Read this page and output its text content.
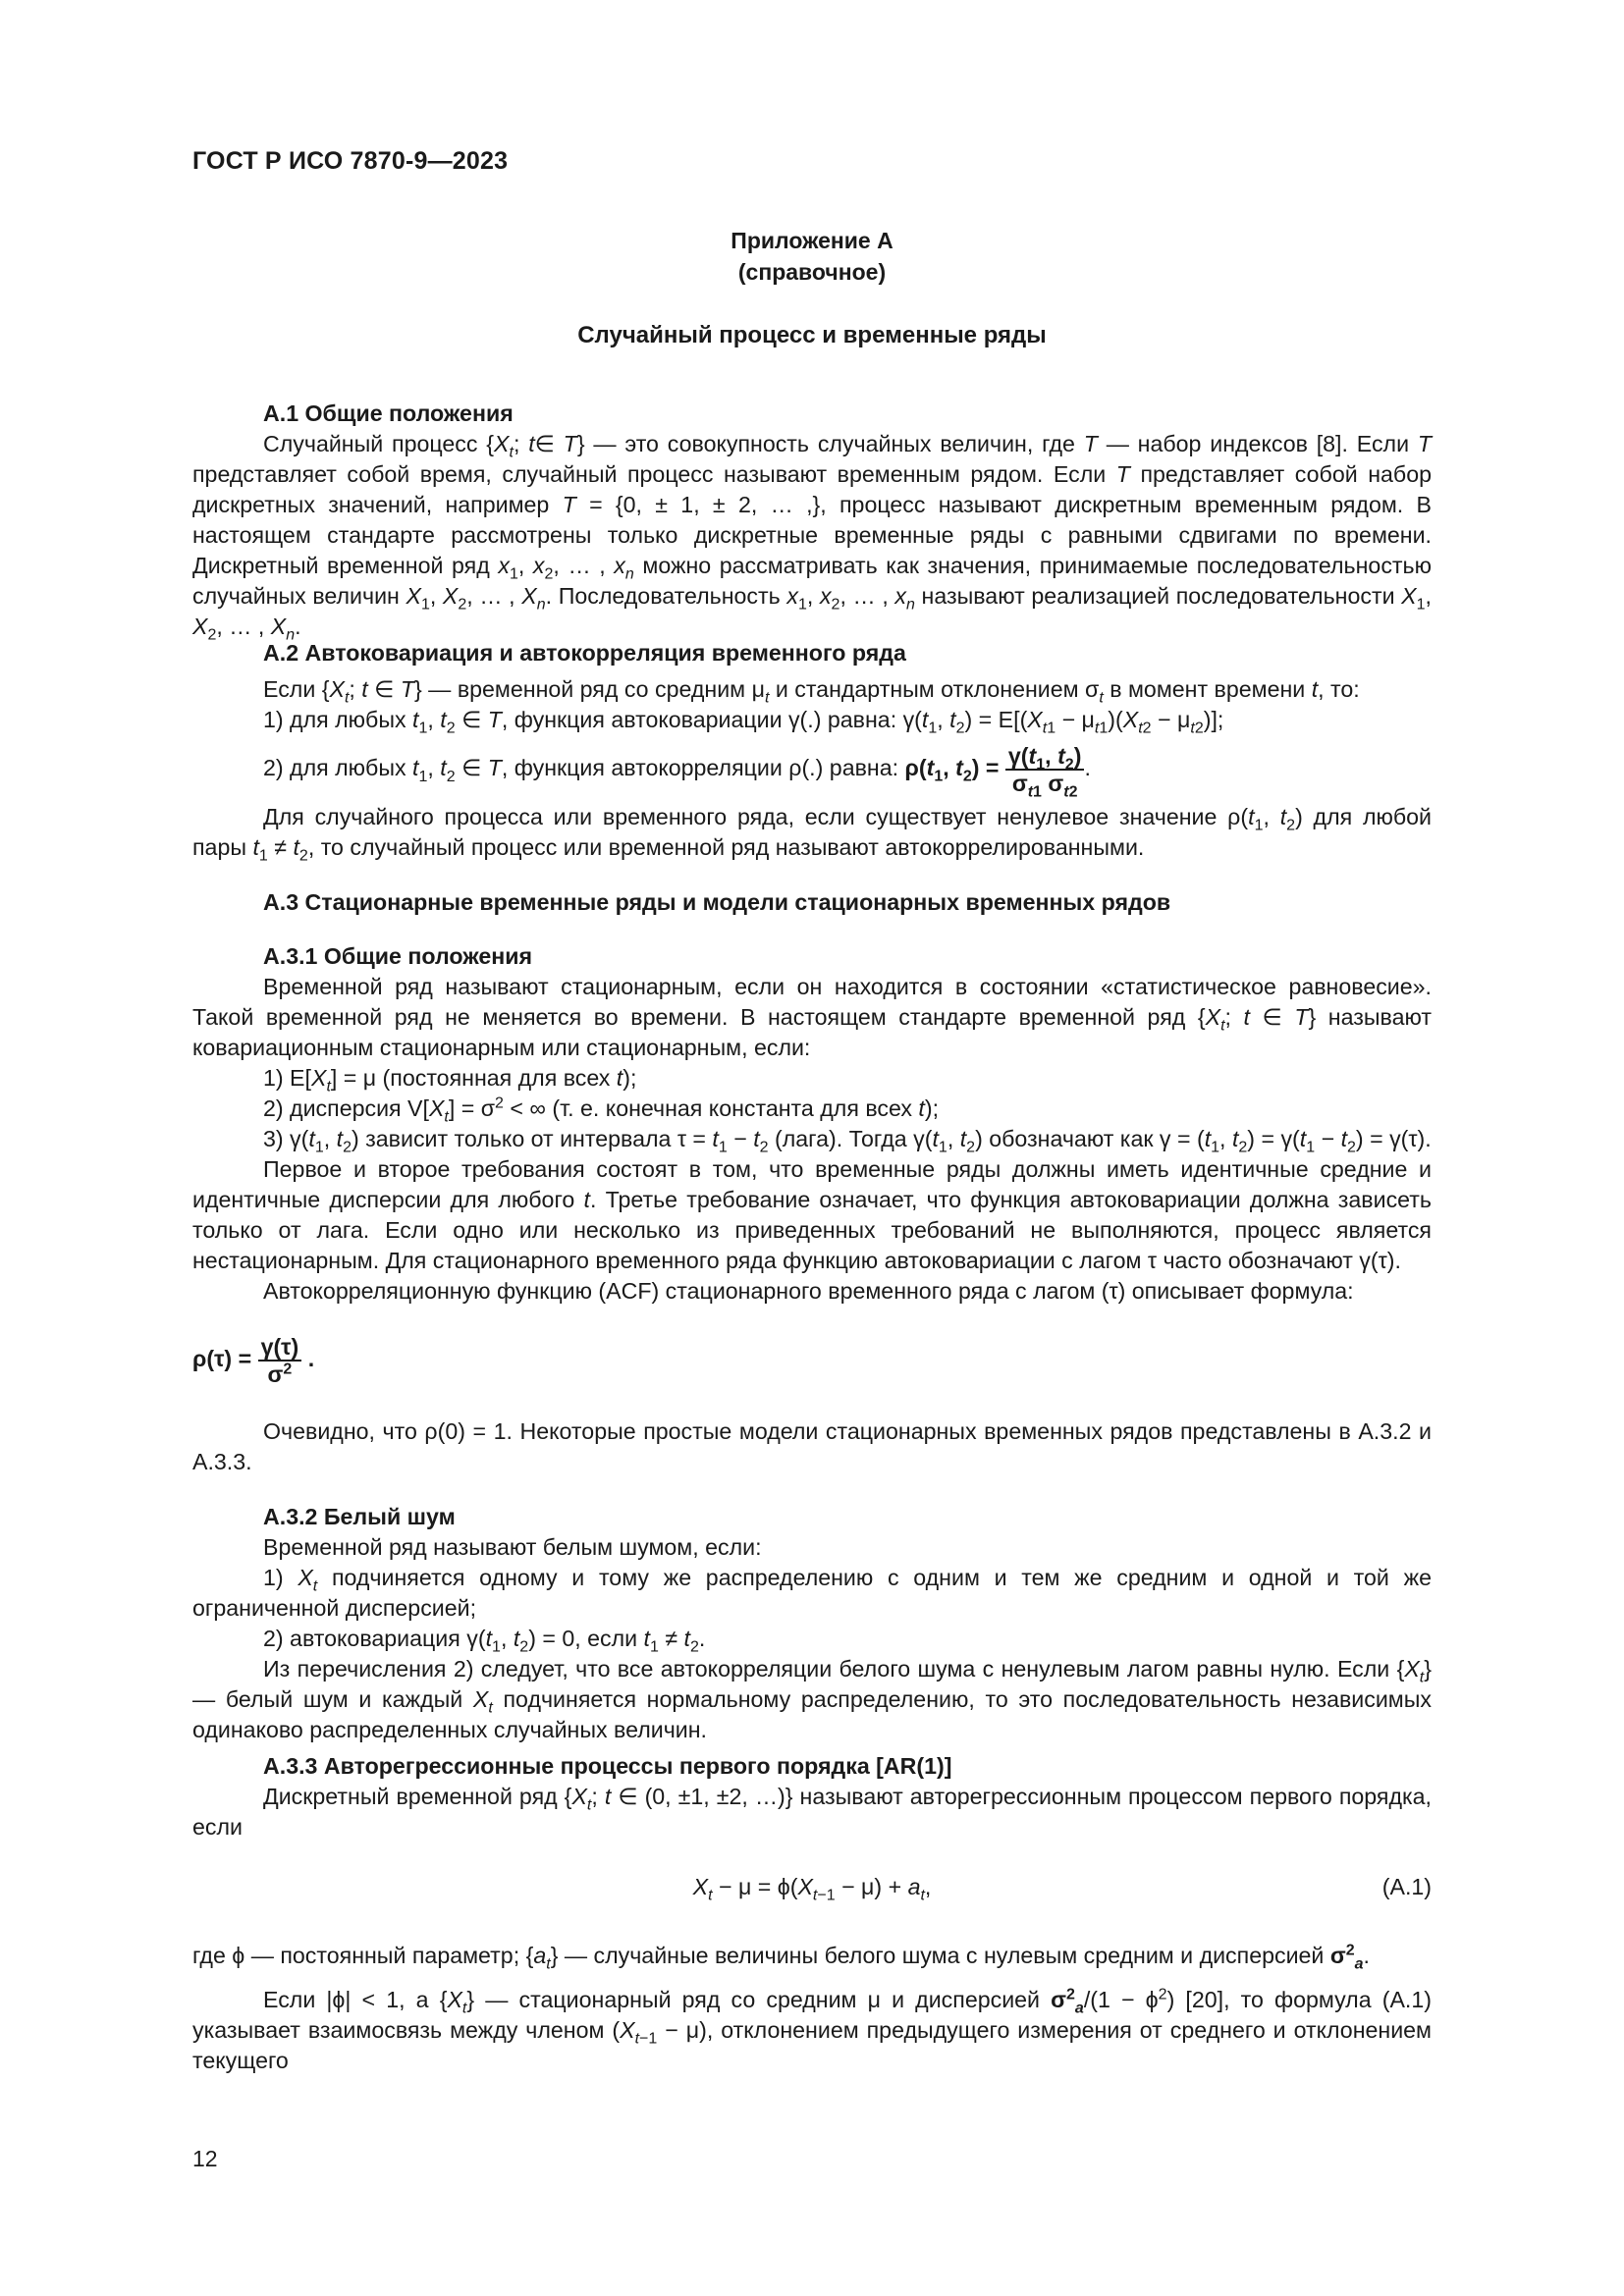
ГОСТ Р ИСО 7870-9—2023
Приложение А
(справочное)
Случайный процесс и временные ряды

А.1 Общие положения

Случайный процесс {$X_t$; t∈ T} — это совокупность случайных величин, где T — набор индексов [8]. Если T представляет собой время, случайный процесс называют временным рядом. Если T представляет собой набор дискретных значений, например T = {0, ± 1, ± 2, … ,}, процесс называют дискретным временным рядом. В настоящем стандарте рассмотрены только дискретные временные ряды с равными сдвигами по времени. Дискретный временной ряд $x_1$, $x_2$, … , $x_n$ можно рассматривать как значения, принимаемые последовательностью случайных величин $X_1$, $X_2$, … , $X_n$. Последовательность $x_1$, $x_2$, … , $x_n$ называют реализацией последовательности $X_1$, $X_2$, … , $X_n$.

А.2 Автоковариация и автокорреляция временного ряда

Если {$X_t$; t ∈ T} — временной ряд со средним $\mu_t$ и стандартным отклонением $\sigma_t$ в момент времени t, то:

1) для любых $t_1$, $t_2$ ∈ T, функция автоковариации γ(.) равна: $\gamma(t_1$, $t_2) = E[(X_{t1} - \mu_{t1})(X_{t2} - \mu_{t2})]$;

2) для любых $t_1$, $t_2$ ∈ T, функция автокорреляции ρ(.) равна: $\rho(t_1$, $t_2) = \frac{\gamma(t_1, t_2)}{\sigma_{t1} \sigma_{t2}}$ .

Для случайного процесса или временного ряда, если существует ненулевое значение $\rho(t_1$, $t_2$) для любой пары $t_1 \ne t_2$, то случайный процесс или временной ряд называют автокоррелированными.

А.3 Стационарные временные ряды и модели стационарных временных рядов

А.3.1 Общие положения

Временной ряд называют стационарным, если он находится в состоянии «статистическое равновесие». Такой временной ряд не меняется во времени. В настоящем стандарте временной ряд {$X_t$; t ∈ T} называют ковариационным стационарным или стационарным, если:

1) $E[X_t] = \mu$ (постоянная для всех t);

2) дисперсия $V[X_t] = \sigma^2$ < ∞ (т. е. конечная константа для всех t);

3) $\gamma(t_1$, $t_2$) зависит только от интервала $\tau = t_1 - t_2$ (лага). Тогда $\gamma(t_1$, $t_2$) обозначают как $\gamma = (t_1$, $t_2) = \gamma(t_1 - t_2) = \gamma(\tau)$.

Первое и второе требования состоят в том, что временные ряды должны иметь идентичные средние и идентичные дисперсии для любого t. Третье требование означает, что функция автоковариации должна зависеть только от лага. Если одно или несколько из приведенных требований не выполняются, процесс является нестационарным. Для стационарного временного ряда функцию автоковариации с лагом τ часто обозначают γ(τ).

Автокорреляционную функцию (ACF) стационарного временного ряда с лагом (τ) описывает формула:

$\rho(\tau) = \frac{\gamma(\tau)}{\sigma^2}$ .

Очевидно, что ρ(0) = 1. Некоторые простые модели стационарных временных рядов представлены в А.3.2 и А.3.3.

А.3.2 Белый шум

Временной ряд называют белым шумом, если:

1) $X_t$ подчиняется одному и тому же распределению с одним и тем же средним и одной и той же ограниченной дисперсией;

2) автоковариация $\gamma(t_1$, $t_2) = 0$, если $t_1 \ne t_2$.

Из перечисления 2) следует, что все автокорреляции белого шума с ненулевым лагом равны нулю. Если $\{X_t\}$ — белый шум и каждый $X_t$ подчиняется нормальному распределению, то это последовательность независимых одинаково распределенных случайных величин.

А.3.3 Авторегрессионные процессы первого порядка [AR(1)]

Дискретный временной ряд {$X_t$; t ∈ (0, ±1, ±2, …)} называют авторегрессионным процессом первого порядка, если

$X_t - \mu = \phi(X_{t-1} - \mu) + a_t$,	(А.1)

где ϕ — постоянный параметр; $\{a_t\}$ — случайные величины белого шума с нулевым средним и дисперсией $\sigma^2_a$.

Если |ϕ| < 1, а $\{X_t\}$ — стационарный ряд со средним μ и дисперсией $\sigma^2_a/(1 - \phi^2)$ [20], то формула (А.1) указывает взаимосвязь между членом $(X_{t-1} - \mu)$, отклонением предыдущего измерения от среднего и отклонением текущего

12
